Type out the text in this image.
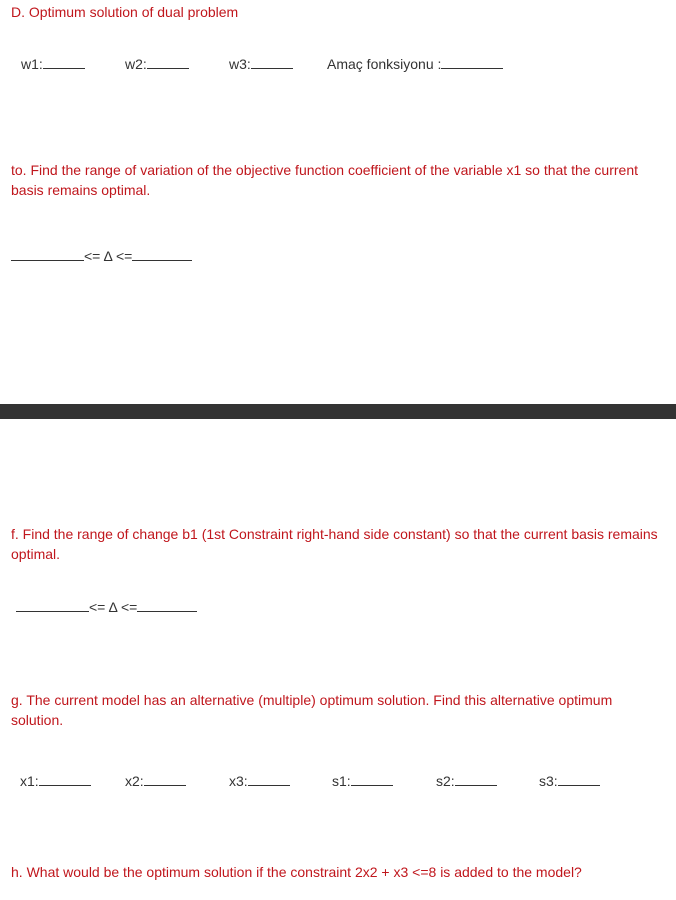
D. Optimum solution of dual problem
w1:	w2:	w3:	Amaç fonksiyonu :
to. Find the range of variation of the objective function coefficient of the variable x1 so that the current basis remains optimal.
<= Δ <=
f. Find the range of change b1 (1st Constraint right-hand side constant) so that the current basis remains optimal.
<= Δ <=
g. The current model has an alternative (multiple) optimum solution. Find this alternative optimum solution.
x1:	x2:	x3:	s1:	s2:	s3:
h. What would be the optimum solution if the constraint 2x2 + x3 <=8 is added to the model?
